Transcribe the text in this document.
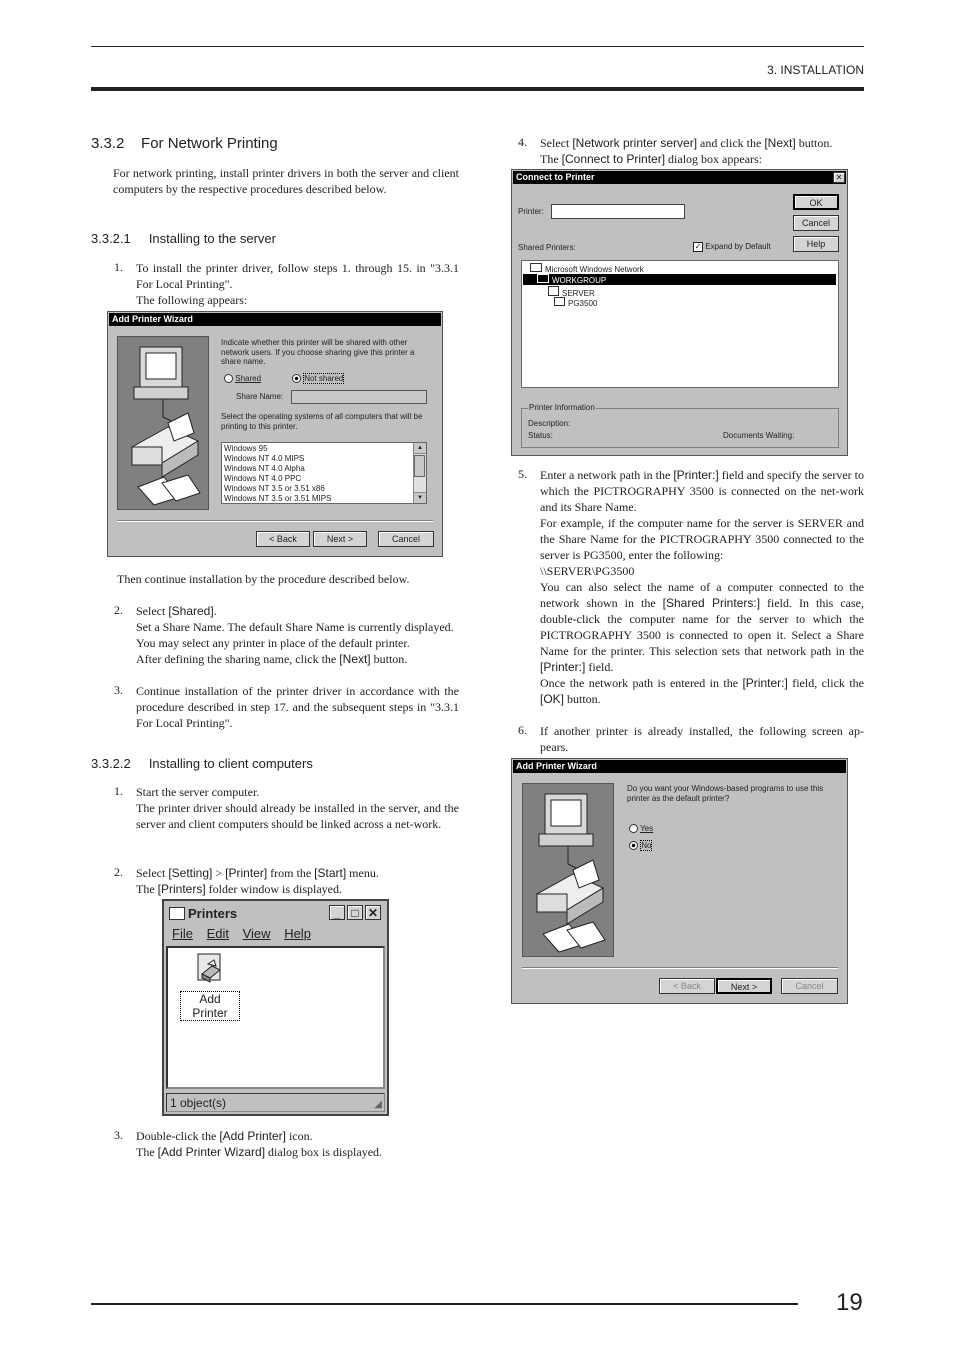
3. INSTALLATION
3.3.2    For Network Printing
For network printing, install printer drivers in both the server and client computers by the respective procedures described below.
3.3.2.1     Installing to the server
1. To install the printer driver, follow steps 1. through 15. in "3.3.1 For Local Printing".
The following appears:
Add Printer Wizard
Indicate whether this printer will be shared with other network users. If you choose sharing give this printer a share name.
Shared	Not shared
Share Name:
Select the operating systems of all computers that will be printing to this printer.
Windows 95
Windows NT 4.0 MIPS
Windows NT 4.0 Alpha
Windows NT 4.0 PPC
Windows NT 3.5 or 3.51 x86
Windows NT 3.5 or 3.51 MIPS
▲
▼
< Back	Next >	Cancel
Then continue installation by the procedure described below.
2. Select [Shared].
Set a Share Name. The default Share Name is currently displayed.
You may select any printer in place of the default printer.
After defining the sharing name, click the [Next] button.
3. Continue installation of the printer driver in accordance with the procedure described in step 17. and the subsequent steps in "3.3.1 For Local Printing".
3.3.2.2     Installing to client computers
1. Start the server computer.
The printer driver should already be installed in the server, and the server and client computers should be linked across a net-work.
2. Select [Setting] > [Printer] from the [Start] menu.
The [Printers] folder window is displayed.
Printers	_ □ ✕
File Edit View Help
Add Printer
1 object(s)	◢
3. Double-click the [Add Printer] icon.
The [Add Printer Wizard] dialog box is displayed.
4. Select [Network printer server] and click the [Next] button.
The [Connect to Printer] dialog box appears:
Connect to Printer	✕
Printer:
OK
Cancel
Help
Shared Printers:	✓ Expand by Default
Microsoft Windows Network
WORKGROUP
SERVER
PG3500
Printer Information
Description:
Status:	Documents Waiting:
5. Enter a network path in the [Printer:] field and specify the server to which the PICTROGRAPHY 3500 is connected on the net-work and its Share Name.
For example, if the computer name for the server is SERVER and the Share Name for the PICTROGRAPHY 3500 connected to the server is PG3500, enter the following:
\\SERVER\PG3500
You can also select the name of a computer connected to the network shown in the [Shared Printers:] field. In this case, double-click the computer name for the server to which the PICTROGRAPHY 3500 is connected to open it. Select a Share Name for the printer. This selection sets that network path in the [Printer:] field.
Once the network path is entered in the [Printer:] field, click the [OK] button.
6. If another printer is already installed, the following screen ap-pears.
Add Printer Wizard
Do you want your Windows-based programs to use this printer as the default printer?
Yes
No
< Back	Next >	Cancel
19
